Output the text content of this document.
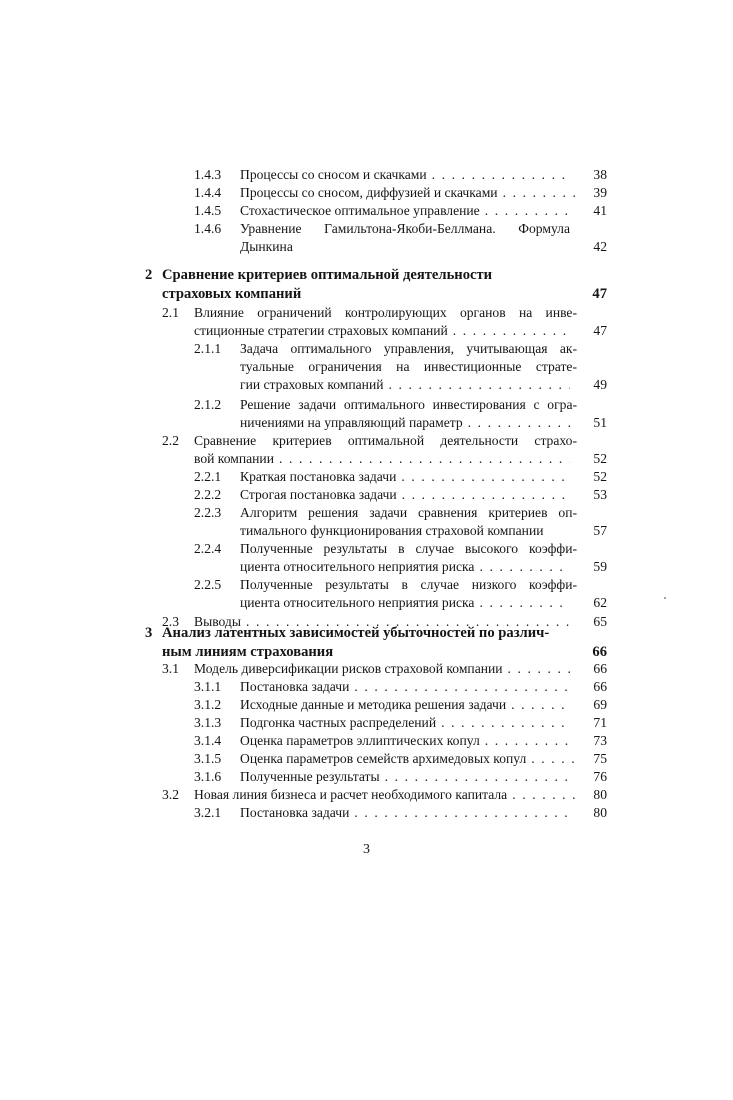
1.4.3 Процессы со сносом и скачками . . .	38
1.4.4 Процессы со сносом, диффузией и скачками . . .	39
1.4.5 Стохастическое оптимальное управление . . .	41
1.4.6 Уравнение Гамильтона-Якоби-Беллмана. Формула
Дынкина	42
2 Сравнение критериев оптимальной деятельности
страховых компаний	47
2.1 Влияние ограничений контролирующих органов на инве-
стиционные стратегии страховых компаний . . .	47
2.1.1 Задача оптимального управления, учитывающая ак-
туальные ограничения на инвестиционные страте-
гии страховых компаний . . .	49
2.1.2 Решение задачи оптимального инвестирования с огра-
ничениями на управляющий параметр . . .	51
2.2 Сравнение критериев оптимальной деятельности страхо-
вой компании . . .	52
2.2.1 Краткая постановка задачи . . .	52
2.2.2 Строгая постановка задачи . . .	53
2.2.3 Алгоритм решения задачи сравнения критериев оп-
тимального функционирования страховой компании	57
2.2.4 Полученные результаты в случае высокого коэффи-
циента относительного неприятия риска . . .	59
2.2.5 Полученные результаты в случае низкого коэффи-
циента относительного неприятия риска . . .	62
2.3 Выводы . . .	65
3 Анализ латентных зависимостей убыточностей по различ-
ным линиям страхования	66
3.1 Модель диверсификации рисков страховой компании . . .	66
3.1.1 Постановка задачи . . .	66
3.1.2 Исходные данные и методика решения задачи . . .	69
3.1.3 Подгонка частных распределений . . .	71
3.1.4 Оценка параметров эллиптических копул . . .	73
3.1.5 Оценка параметров семейств архимедовых копул . . .	75
3.1.6 Полученные результаты . . .	76
3.2 Новая линия бизнеса и расчет необходимого капитала . . .	80
3.2.1 Постановка задачи . . .	80
3
